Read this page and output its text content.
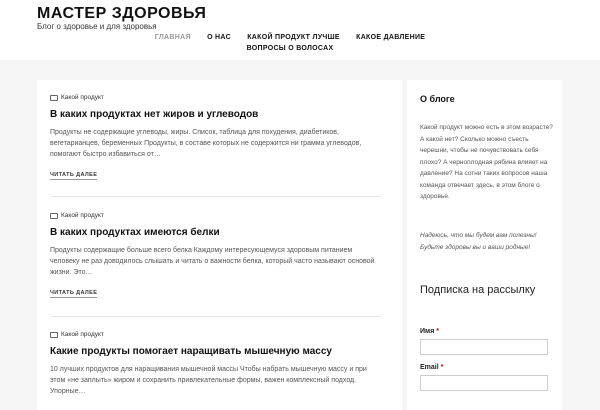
МАСТЕР ЗДОРОВЬЯ
Блог о здоровье и для здоровья
ГЛАВНАЯ О НАС КАКОЙ ПРОДУКТ ЛУЧШЕ КАКОЕ ДАВЛЕНИЕ
ВОПРОСЫ О ВОЛОСАХ
Какой продукт
В каких продуктах нет жиров и углеводов
Продукты не содержащие углеводы, жиры. Список, таблица для похудения, диабетиков, вегетарианцев, беременных Продукты, в составе которых не содержится ни грамма углеводов, помогают быстро избавиться от…
ЧИТАТЬ ДАЛЕЕ
Какой продукт
В каких продуктах имеются белки
Продукты содержащие больше всего белка Каждому интересующемуся здоровым питанием человеку не раз доводилось слышать и читать о важности белка, который часто называют основой жизни. Это…
ЧИТАТЬ ДАЛЕЕ
Какой продукт
Какие продукты помогает наращивать мышечную массу
10 лучших продуктов для наращивания мышечной массы Чтобы набрать мышечную массу и при этом «не заплыть» жиром и сохранить привлекательные формы, важен комплексный подход. Упорные…
О блоге
Какой продукт можно есть в этом возрасте? А какой нет? Сколько можно съесть черешни, чтобы не почувствовать себя плохо? А черноплодная рябина влияет на давление? На сотни таких вопросов наша команда отвечает здесь, в этом блоге о здоровье.
Надеюсь, что мы будем вам полезны!
Будьте здоровы вы и ваши родные!
Подписка на рассылку
Имя *
Email *
